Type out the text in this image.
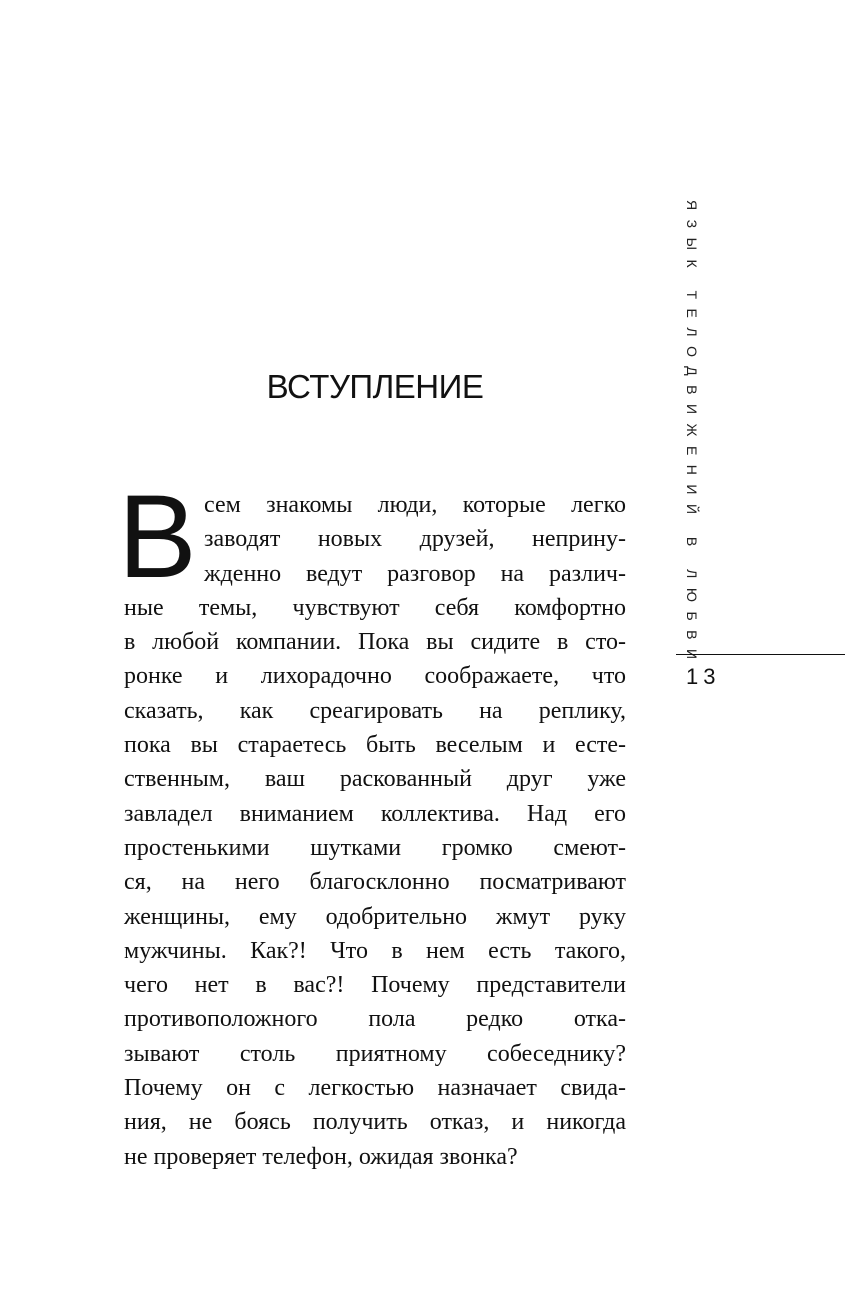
ЯЗЫК ТЕЛОДВИЖЕНИЙ В ЛЮБВИ
13
ВСТУПЛЕНИЕ
В сем знакомы люди, которые легко
заводят новых друзей, неприну-
жденно ведут разговор на различ-
ные темы, чувствуют себя комфортно
в любой компании. Пока вы сидите в сто-
ронке и лихорадочно соображаете, что
сказать, как среагировать на реплику,
пока вы стараетесь быть веселым и есте-
ственным, ваш раскованный друг уже
завладел вниманием коллектива. Над его
простенькими шутками громко смеют-
ся, на него благосклонно посматривают
женщины, ему одобрительно жмут руку
мужчины. Как?! Что в нем есть такого,
чего нет в вас?! Почему представители
противоположного пола редко отка-
зывают столь приятному собеседнику?
Почему он с легкостью назначает свида-
ния, не боясь получить отказ, и никогда
не проверяет телефон, ожидая звонка?
